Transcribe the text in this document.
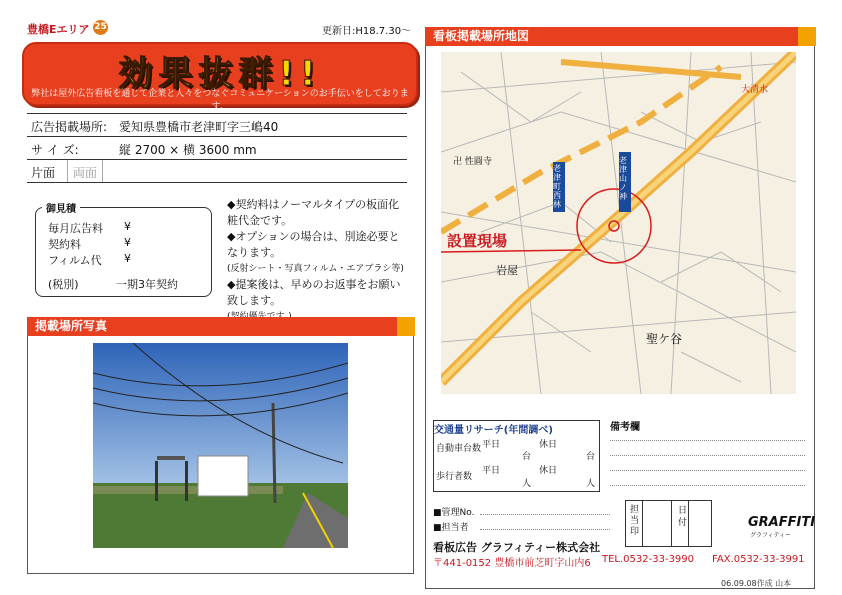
豊橋Eエリア 25	更新日:H18.7.30～
効果抜群!!
弊社は屋外広告看板を通じて企業と人々をつなぐコミュニケーションのお手伝いをしております。
広告掲載場所: 愛知県豊橋市老津町字三嶋40
サ イ ズ:	縦 2700 × 横 3600 mm
片面 両面
毎月広告料 ¥
契約料	¥
フィルム代 ¥
(税別)	一期3年契約
御見積	◆契約料はノーマルタイプの板面化粧代金です。
◆オプションの場合は、別途必要となります。
(反射シート・写真フィルム・エアブラシ等)
◆提案後は、早めのお返事をお願い致します。
掲載場所写真
看板掲載場所地図
大清水
卍 性圓寺
岩屋
聖ケ谷
老津町西林
老津山ノ神
設置現場
自動車台数 平日	休日
台	台
歩行者数
平日	休日
人	人
交通量リサーチ(年間調べ)	備考欄
■管理No.
■担当者
担当印
日付	GRAFFITI
グラフィティー
看板広告 グラフィティー株式会社
〒441-0152 豊橋市前芝町字山内6 TEL.0532-33-3990 FAX.0532-33-3991
06.09.08作成 山本
